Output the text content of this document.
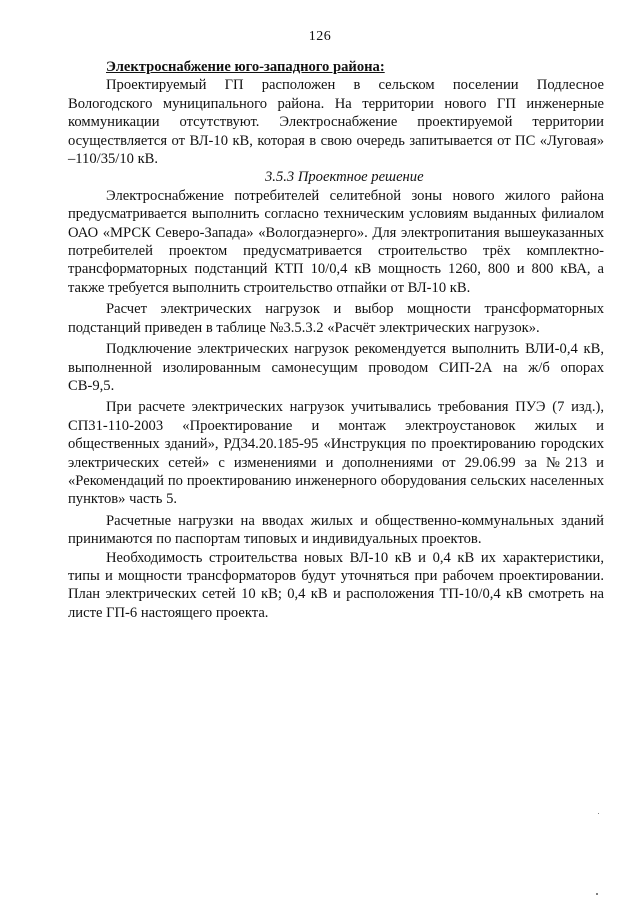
126

Электроснабжение юго-западного района:

Проектируемый ГП расположен в сельском поселении Подлесное Вологодского муниципального района. На территории нового ГП инженерные коммуникации отсутствуют. Электроснабжение проектируемой территории осуществляется от ВЛ-10 кВ, которая в свою очередь запитывается от ПС «Луговая» –110/35/10 кВ.

3.5.3 Проектное решение

Электроснабжение потребителей селитебной зоны нового жилого района предусматривается выполнить согласно техническим условиям выданных филиалом ОАО «МРСК Северо-Запада» «Вологдаэнерго». Для электропитания вышеуказанных потребителей проектом предусматривается строительство трёх комплектно-трансформаторных подстанций КТП 10/0,4 кВ мощность 1260, 800 и 800 кВА, а также требуется выполнить строительство отпайки от ВЛ-10 кВ.

Расчет электрических нагрузок и выбор мощности трансформаторных подстанций приведен в таблице №3.5.3.2 «Расчёт электрических нагрузок».

Подключение электрических нагрузок рекомендуется выполнить ВЛИ-0,4 кВ, выполненной изолированным самонесущим проводом СИП-2А на ж/б опорах СВ-9,5.

При расчете электрических нагрузок учитывались требования ПУЭ (7 изд.), СП31-110-2003 «Проектирование и монтаж электроустановок жилых и общественных зданий», РД34.20.185-95 «Инструкция по проектированию городских электрических сетей» с изменениями и дополнениями от 29.06.99 за №213 и «Рекомендаций по проектированию инженерного оборудования сельских населенных пунктов» часть 5.

Расчетные нагрузки на вводах жилых и общественно-коммунальных зданий принимаются по паспортам типовых и индивидуальных проектов.

Необходимость строительства новых ВЛ-10 кВ и 0,4 кВ их характеристики, типы и мощности трансформаторов будут уточняться при рабочем проектировании. План электрических сетей 10 кВ; 0,4 кВ и расположения ТП-10/0,4 кВ смотреть на листе ГП-6 настоящего проекта.
